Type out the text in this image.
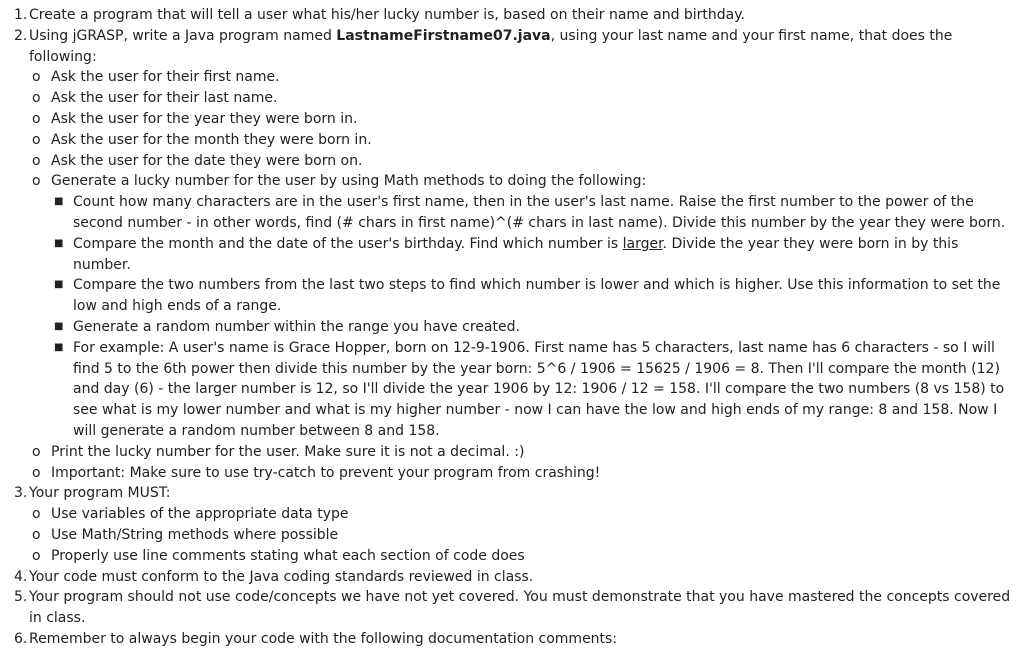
1. Create a program that will tell a user what his/her lucky number is, based on their name and birthday.
2. Using jGRASP, write a Java program named LastnameFirstname07.java, using your last name and your first name, that does the following:
o Ask the user for their first name.
o Ask the user for their last name.
o Ask the user for the year they were born in.
o Ask the user for the month they were born in.
o Ask the user for the date they were born on.
o Generate a lucky number for the user by using Math methods to doing the following:
■ Count how many characters are in the user's first name, then in the user's last name. Raise the first number to the power of the second number - in other words, find (# chars in first name)^(# chars in last name). Divide this number by the year they were born.
■ Compare the month and the date of the user's birthday. Find which number is larger. Divide the year they were born in by this number.
■ Compare the two numbers from the last two steps to find which number is lower and which is higher. Use this information to set the low and high ends of a range.
■ Generate a random number within the range you have created.
■ For example: A user's name is Grace Hopper, born on 12-9-1906. First name has 5 characters, last name has 6 characters - so I will find 5 to the 6th power then divide this number by the year born: 5^6 / 1906 = 15625 / 1906 = 8. Then I'll compare the month (12) and day (6) - the larger number is 12, so I'll divide the year 1906 by 12: 1906 / 12 = 158. I'll compare the two numbers (8 vs 158) to see what is my lower number and what is my higher number - now I can have the low and high ends of my range: 8 and 158. Now I will generate a random number between 8 and 158.
o Print the lucky number for the user. Make sure it is not a decimal. :)
o Important: Make sure to use try-catch to prevent your program from crashing!
3. Your program MUST:
o Use variables of the appropriate data type
o Use Math/String methods where possible
o Properly use line comments stating what each section of code does
4. Your code must conform to the Java coding standards reviewed in class.
5. Your program should not use code/concepts we have not yet covered. You must demonstrate that you have mastered the concepts covered in class.
6. Remember to always begin your code with the following documentation comments:
